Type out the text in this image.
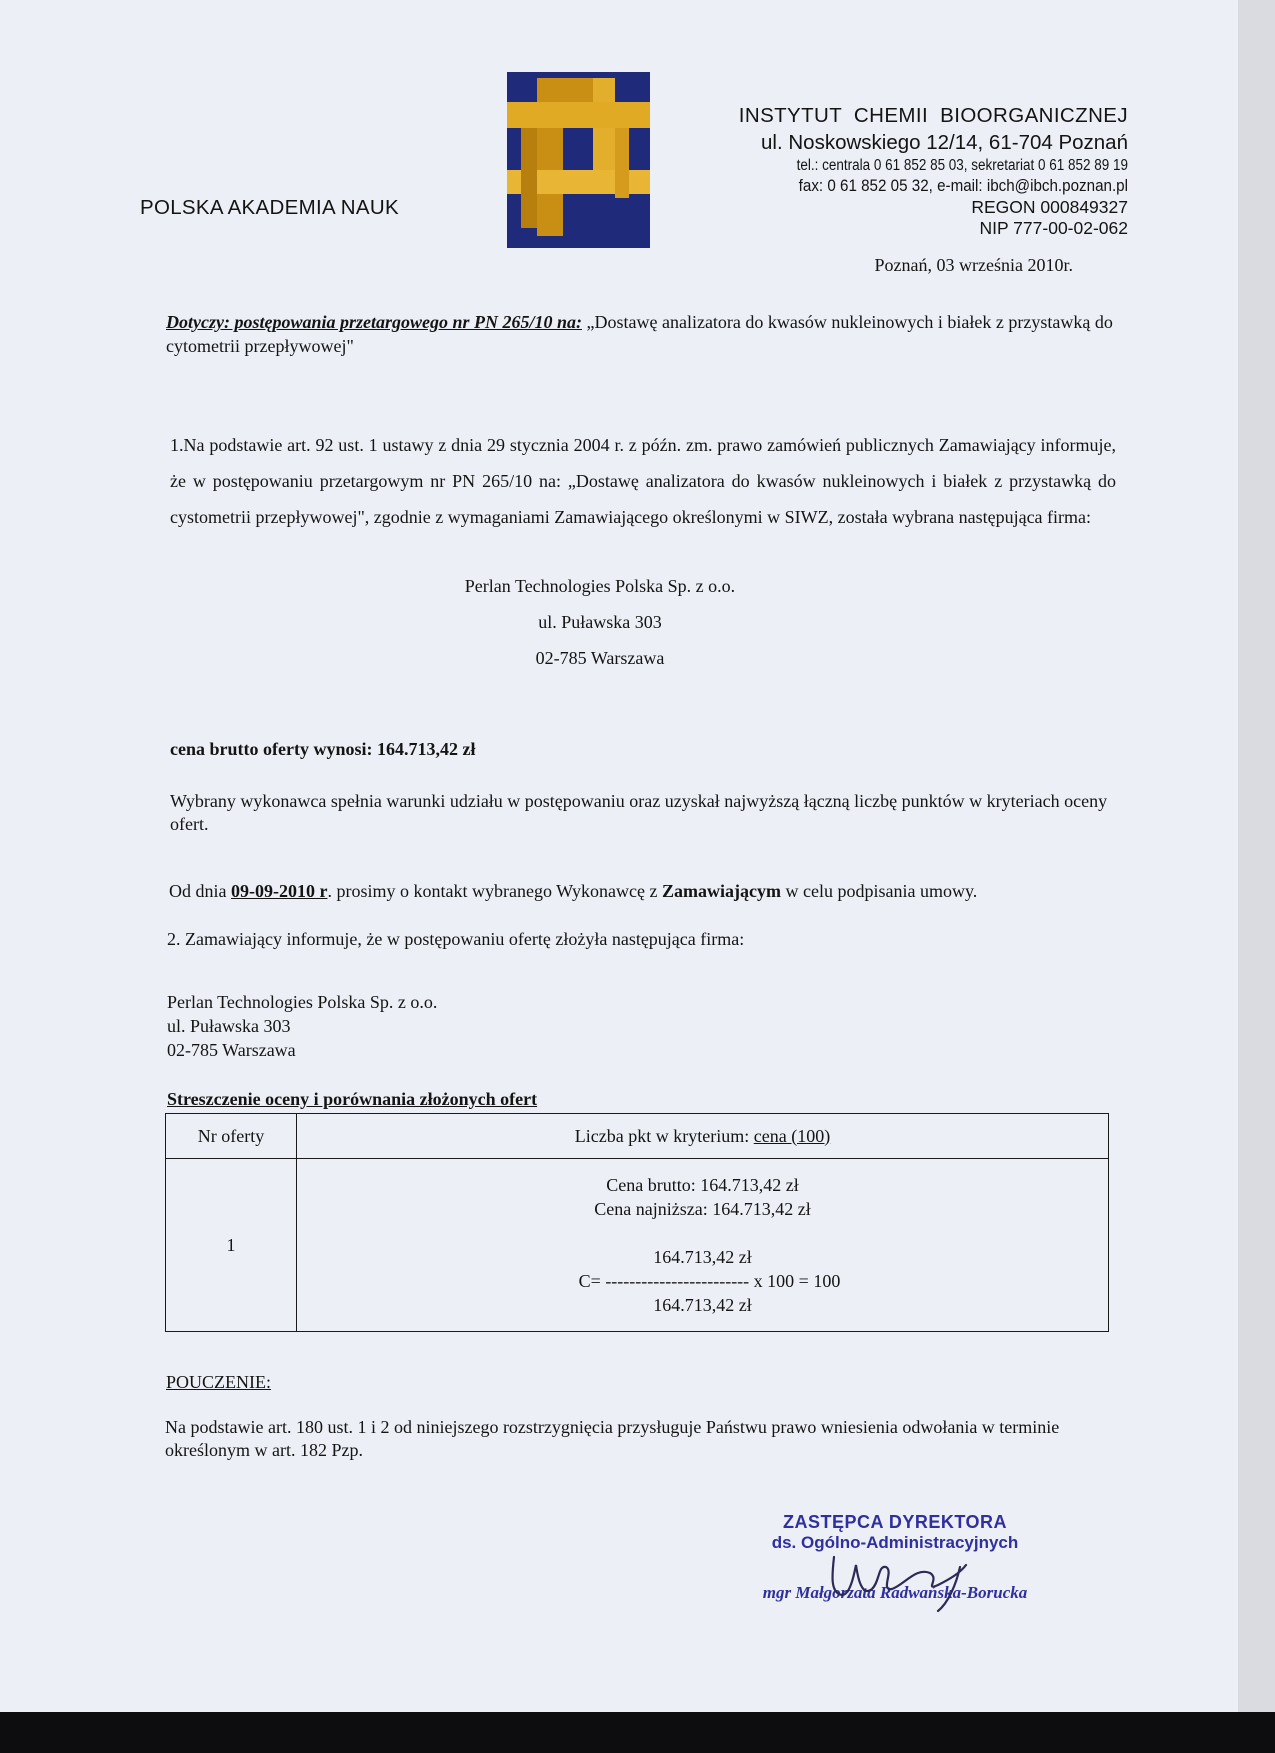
POLSKA AKADEMIA NAUK
INSTYTUT CHEMII BIOORGANICZNEJ
ul. Noskowskiego 12/14, 61-704 Poznań
tel.: centrala 0 61 852 85 03, sekretariat 0 61 852 89 19
fax: 0 61 852 05 32, e-mail: ibch@ibch.poznan.pl
REGON 000849327
NIP 777-00-02-062
Poznań, 03 września 2010r.
Dotyczy: postępowania przetargowego nr PN 265/10 na: „Dostawę analizatora do kwasów nukleinowych i białek z przystawką do cytometrii przepływowej"
1.Na podstawie art. 92 ust. 1 ustawy z dnia 29 stycznia 2004 r. z późn. zm. prawo zamówień publicznych Zamawiający informuje, że w postępowaniu przetargowym nr PN 265/10 na: „Dostawę analizatora do kwasów nukleinowych i białek z przystawką do cystometrii przepływowej", zgodnie z wymaganiami Zamawiającego określonymi w SIWZ, została wybrana następująca firma:
Perlan Technologies Polska Sp. z o.o.
ul. Puławska 303
02-785 Warszawa
cena brutto oferty wynosi: 164.713,42 zł
Wybrany wykonawca spełnia warunki udziału w postępowaniu oraz uzyskał najwyższą łączną liczbę punktów w kryteriach oceny ofert.
Od dnia 09-09-2010 r. prosimy o kontakt wybranego Wykonawcę z Zamawiającym w celu podpisania umowy.
2. Zamawiający informuje, że w postępowaniu ofertę złożyła następująca firma:
Perlan Technologies Polska Sp. z o.o.
ul. Puławska 303
02-785 Warszawa
Streszczenie oceny i porównania złożonych ofert
Nr oferty	Liczba pkt w kryterium: cena (100)
1	Cena brutto: 164.713,42 zł
Cena najniższa: 164.713,42 zł
164.713,42 zł
C= ------------------------ x 100 = 100
164.713,42 zł
POUCZENIE:
Na podstawie art. 180 ust. 1 i 2 od niniejszego rozstrzygnięcia przysługuje Państwu prawo wniesienia odwołania w terminie określonym w art. 182 Pzp.
ZASTĘPCA DYREKTORA
ds. Ogólno-Administracyjnych
mgr Małgorzata Radwańska-Borucka
